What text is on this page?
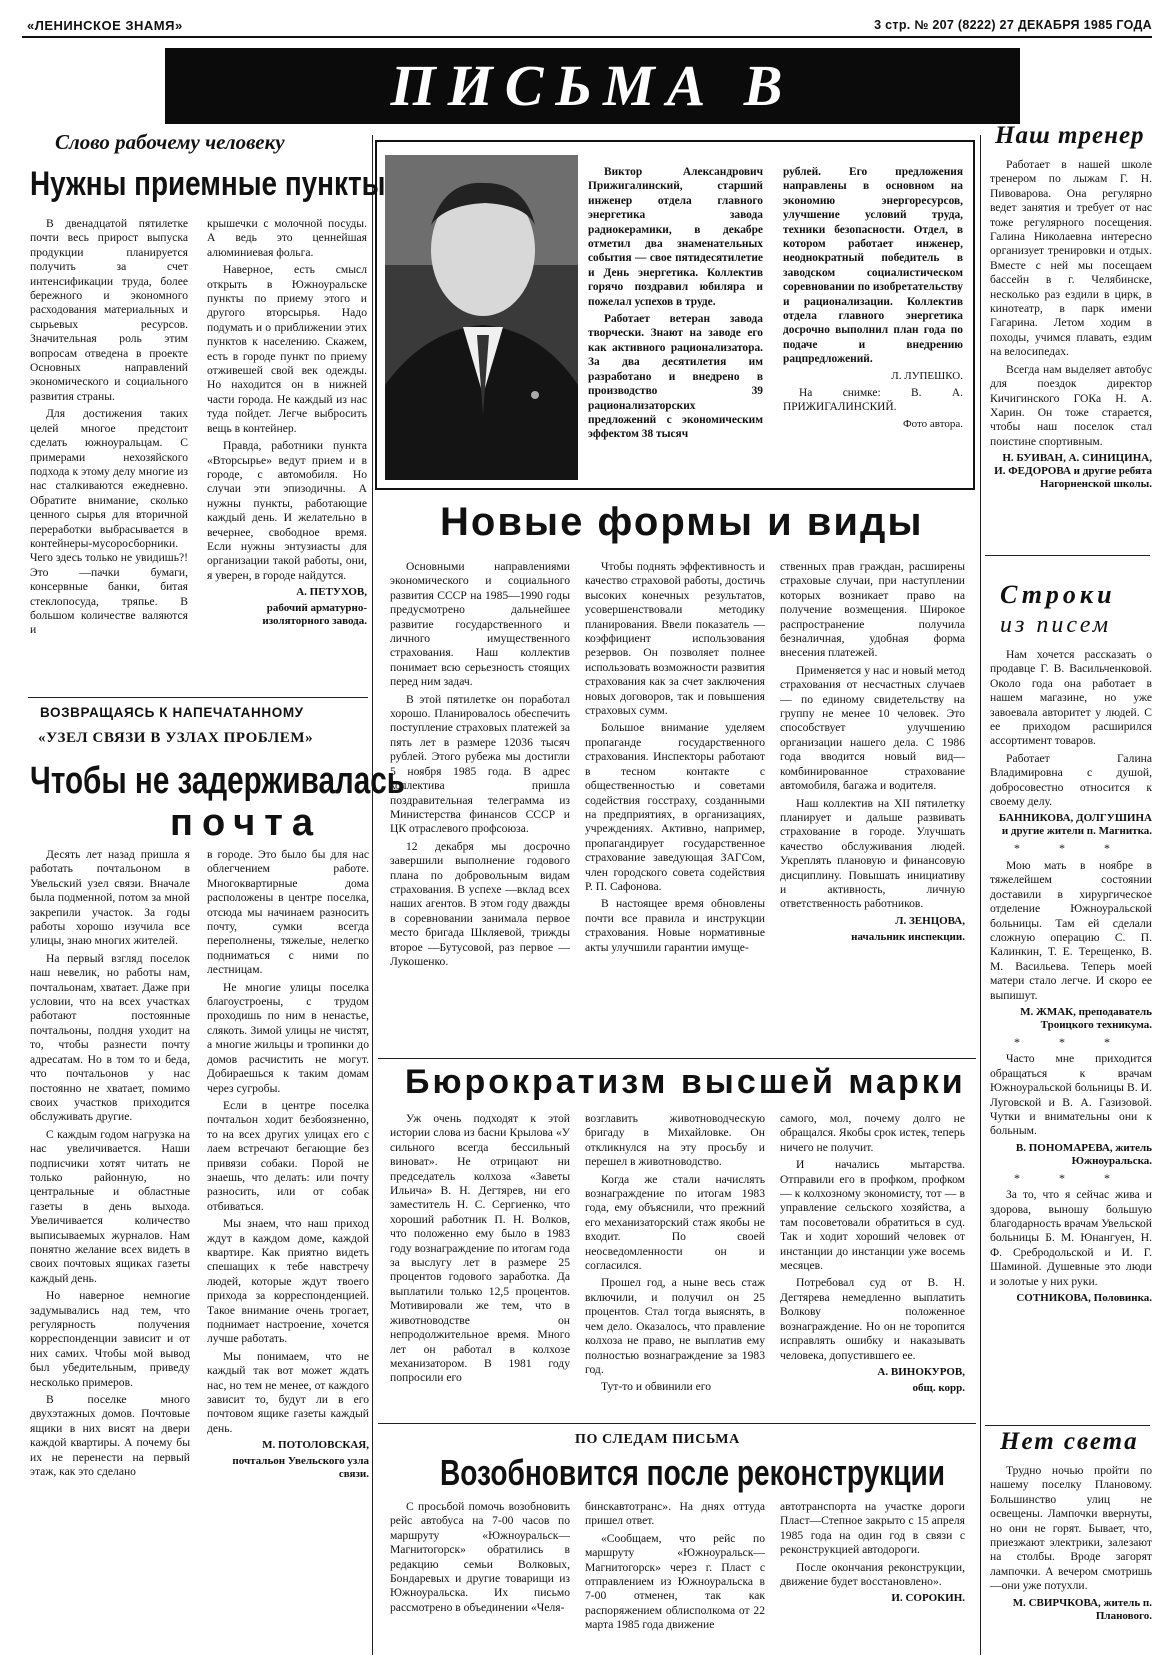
«ЛЕНИНСКОЕ ЗНАМЯ»	3 стр. № 207 (8222) 27 ДЕКАБРЯ 1985 ГОДА
ПИСЬМА В
Слово рабочему человеку
Нужны приемные пункты

В двенадцатой пятилетке почти весь прирост выпуска продукции планируется получить за счет интенсификации труда, более бережного и экономного расходования материальных и сырьевых ресурсов. Значительная роль этим вопросам отведена в проекте Основных направлений экономического и социального развития страны.

Для достижения таких целей многое предстоит сделать южноуральцам. С примерами нехозяйского подхода к этому делу многие из нас сталкиваются ежедневно. Обратите внимание, сколько ценного сырья для вторичной переработки выбрасывается в контейнеры-мусоросборники. Чего здесь только не увидишь?! Это —пачки бумаги, консервные банки, битая стеклопосуда, тряпье. В большом количестве валяются и

крышечки с молочной посуды. А ведь это ценнейшая алюминиевая фольга.

Наверное, есть смысл открыть в Южноуральске пункты по приему этого и другого вторсырья. Надо подумать и о приближении этих пунктов к населению. Скажем, есть в городе пункт по приему отживешей свой век одежды. Но находится он в нижней части города. Не каждый из нас туда пойдет. Легче выбросить вещь в контейнер.

Правда, работники пункта «Вторсырье» ведут прием и в городе, с автомобиля. Но случаи эти эпизодичны. А нужны пункты, работающие каждый день. И желательно в вечернее, свободное время. Если нужны энтузиасты для организации такой работы, они, я уверен, в городе найдутся.

А. ПЕТУХОВ,

рабочий арматурно-изоляторного завода.

ВОЗВРАЩАЯСЬ К НАПЕЧАТАННОМУ
«УЗЕЛ СВЯЗИ В УЗЛАХ ПРОБЛЕМ»
Чтобы не задерживалась
почта

Десять лет назад пришла я работать почтальоном в Увельский узел связи. Вначале была подменной, потом за мной закрепили участок. За годы работы хорошо изучила все улицы, знаю многих жителей.

На первый взгляд поселок наш невелик, но работы нам, почтальонам, хватает. Даже при условии, что на всех участках работают постоянные почтальоны, полдня уходит на то, чтобы разнести почту адресатам. Но в том то и беда, что почтальонов у нас постоянно не хватает, помимо своих участков приходится обслуживать другие.

С каждым годом нагрузка на нас увеличивается. Наши подписчики хотят читать не только районную, но центральные и областные газеты в день выхода. Увеличивается количество выписываемых журналов. Нам понятно желание всех видеть в своих почтовых ящиках газеты каждый день.

Но наверное немногие задумывались над тем, что регулярность получения корреспонденции зависит и от них самих. Чтобы мой вывод был убедительным, приведу несколько примеров.

В поселке много двухэтажных домов. Почтовые ящики в них висят на двери каждой квартиры. А почему бы их не перенести на первый этаж, как это сделано

в городе. Это было бы для нас облегчением работе. Многоквартирные дома расположены в центре поселка, отсюда мы начинаем разносить почту, сумки всегда переполнены, тяжелые, нелегко подниматься с ними по лестницам.

Не многие улицы поселка благоустроены, с трудом проходишь по ним в ненастье, слякоть. Зимой улицы не чистят, а многие жильцы и тропинки до домов расчистить не могут. Добираешься к таким домам через сугробы.

Если в центре поселка почтальон ходит безбоязненно, то на всех других улицах его с лаем встречают бегающие без привязи собаки. Порой не знаешь, что делать: или почту разносить, или от собак отбиваться.

Мы знаем, что наш приход ждут в каждом доме, каждой квартире. Как приятно видеть спешащих к тебе навстречу людей, которые ждут твоего прихода за корреспонденцией. Такое внимание очень трогает, поднимает настроение, хочется лучше работать.

Мы понимаем, что не каждый так вот может ждать нас, но тем не менее, от каждого зависит то, будут ли в его почтовом ящике газеты каждый день.

М. ПОТОЛОВСКАЯ,

почтальон Увельского узла связи.

Виктор Александрович Прижигалинский, старший инженер отдела главного энергетика завода радиокерамики, в декабре отметил два знаменательных события — свое пятидесятилетие и День энергетика. Коллектив горячо поздравил юбиляра и пожелал успехов в труде.

Работает ветеран завода творчески. Знают на заводе его как активного рационализатора. За два десятилетия им разработано и внедрено в производство 39 рационализаторских предложений с экономическим эффектом 38 тысяч

рублей. Его предложения направлены в основном на экономию энергоресурсов, улучшение условий труда, техники безопасности. Отдел, в котором работает инженер, неоднократный победитель в заводском социалистическом соревновании по изобретательству и рационализации. Коллектив отдела главного энергетика досрочно выполнил план года по подаче и внедрению рацпредложений.

Л. ЛУПЕШКО.

На снимке: В. А. ПРИЖИГАЛИНСКИЙ.

Фото автора.

Новые формы и виды

Основными направлениями экономического и социального развития СССР на 1985—1990 годы предусмотрено дальнейшее развитие государственного и личного имущественного страхования. Наш коллектив понимает всю серьезность стоящих перед ним задач.

В этой пятилетке он поработал хорошо. Планировалось обеспечить поступление страховых платежей за пять лет в размере 12036 тысяч рублей. Этого рубежа мы достигли 5 ноября 1985 года. В адрес коллектива пришла поздравительная телеграмма из Министерства финансов СССР и ЦК отраслевого профсоюза.

12 декабря мы досрочно завершили выполнение годового плана по добровольным видам страхования. В успехе —вклад всех наших агентов. В этом году дважды в соревновании занимала первое место бригада Шкляевой, трижды второе —Бутусовой, раз первое — Лукошенко.

Чтобы поднять эффективность и качество страховой работы, достичь высоких конечных результатов, усовершенствовали методику планирования. Ввели показатель —коэффициент использования резервов. Он позволяет полнее использовать возможности развития страхования как за счет заключения новых договоров, так и повышения страховых сумм.

Большое внимание уделяем пропаганде государственного страхования. Инспекторы работают в тесном контакте с общественностью и советами содействия госстраху, созданными на предприятиях, в организациях, учреждениях. Активно, например, пропагандирует государственное страхование заведующая ЗАГСом, член городского совета содействия Р. П. Сафонова.

В настоящее время обновлены почти все правила и инструкции страхования. Новые нормативные акты улучшили гарантии имуще-

ственных прав граждан, расширены страховые случаи, при наступлении которых возникает право на получение возмещения. Широкое распространение получила безналичная, удобная форма внесения платежей.

Применяется у нас и новый метод страхования от несчастных случаев — по единому свидетельству на группу не менее 10 человек. Это способствует улучшению организации нашего дела. С 1986 года вводится новый вид—комбинированное страхование автомобиля, багажа и водителя.

Наш коллектив на XII пятилетку планирует и дальше развивать страхование в городе. Улучшать качество обслуживания людей. Укреплять плановую и финансовую дисциплину. Повышать инициативу и активность, личную ответственность работников.

Л. ЗЕНЦОВА,

начальник инспекции.

Бюрократизм высшей марки

Уж очень подходят к этой истории слова из басни Крылова «У сильного всегда бессильный виноват». Не отрицают ни председатель колхоза «Заветы Ильича» В. Н. Дегтярев, ни его заместитель Н. С. Сергиенко, что хороший работник П. Н. Волков, что положенно ему было в 1983 году вознаграждение по итогам года за выслугу лет в размере 25 процентов годового заработка. Да выплатили только 12,5 процентов. Мотивировали же тем, что в животноводстве он непродолжительное время. Много лет он работал в колхозе механизатором. В 1981 году попросили его

возглавить животноводческую бригаду в Михайловке. Он откликнулся на эту просьбу и перешел в животноводство.

Когда же стали начислять вознаграждение по итогам 1983 года, ему объяснили, что прежний его механизаторский стаж якобы не входит. По своей неосведомленности он и согласился.

Прошел год, а ныне весь стаж включили, и получил он 25 процентов. Стал тогда выяснять, в чем дело. Оказалось, что правление колхоза не право, не выплатив ему полностью вознаграждение за 1983 год.

Тут-то и обвинили его

самого, мол, почему долго не обращался. Якобы срок истек, теперь ничего не получит.

И начались мытарства. Отправили его в профком, профком— к колхозному экономисту, тот — в управление сельского хозяйства, а там посоветовали обратиться в суд. Так и ходит хороший человек от инстанции до инстанции уже восемь месяцев.

Потребовал суд от В. Н. Дегтярева немедленно выплатить Волкову положенное вознаграждение. Но он не торопится исправлять ошибку и наказывать человека, допустившего ее.

А. ВИНОКУРОВ,

общ. корр.

ПО СЛЕДАМ ПИСЬМА
Возобновится после реконструкции

С просьбой помочь возобновить рейс автобуса на 7-00 часов по маршруту «Южноуральск— Магнитогорск» обратились в редакцию семьи Волковых, Бондаревых и другие товарищи из Южноуральска. Их письмо рассмотрено в объединении «Челя-

бинскавтотранс». На днях оттуда пришел ответ.

«Сообщаем, что рейс по маршруту «Южноуральск— Магнитогорск» через г. Пласт с отправлением из Южноуральска в 7-00 отменен, так как распоряжением облисполкома от 22 марта 1985 года движение

автотранспорта на участке дороги Пласт—Степное закрыто с 15 апреля 1985 года на один год в связи с реконструкцией автодороги.

После окончания реконструкции, движение будет восстановлено».

И. СОРОКИН.

Наш тренер

Работает в нашей школе тренером по лыжам Г. Н. Пивоварова. Она регулярно ведет занятия и требует от нас тоже регулярного посещения. Галина Николаевна интересно организует тренировки и отдых. Вместе с ней мы посещаем бассейн в г. Челябинске, несколько раз ездили в цирк, в кинотеатр, в парк имени Гагарина. Летом ходим в походы, учимся плавать, ездим на велосипедах.

Всегда нам выделяет автобус для поездок директор Кичигинского ГОКа Н. А. Харин. Он тоже старается, чтобы наш поселок стал поистине спортивным.

Н. БУИВАН, А. СИНИЦИНА, И. ФЕДОРОВА и другие ребята Нагорненской школы.

Строки
из писем

Нам хочется рассказать о продавце Г. В. Васильченковой. Около года она работает в нашем магазине, но уже завоевала авторитет у людей. С ее приходом расширился ассортимент товаров.

Работает Галина Владимировна с душой, добросовестно относится к своему делу.

БАННИКОВА, ДОЛГУШИНА и другие жители п. Магнитка.

* * *

Мою мать в ноябре в тяжелейшем состоянии доставили в хирургическое отделение Южноуральской больницы. Там ей сделали сложную операцию С. П. Калинкин, Т. Е. Терещенко, В. М. Васильева. Теперь моей матери стало легче. И скоро ее выпишут.

М. ЖМАК, преподаватель Троицкого техникума.

* * *

Часто мне приходится обращаться к врачам Южноуральской больницы В. И. Луговской и В. А. Газизовой. Чутки и внимательны они к больным.

В. ПОНОМАРЕВА, житель Южноуральска.

* * *

За то, что я сейчас жива и здорова, выношу большую благодарность врачам Увельской больницы Б. М. Юнангуен, Н. Ф. Сребродольской и И. Г. Шаминой. Душевные это люди и золотые у них руки.

СОТНИКОВА, Половинка.

Нет света

Трудно ночью пройти по нашему поселку Плановому. Большинство улиц не освещены. Лампочки ввернуты, но они не горят. Бывает, что, приезжают электрики, залезают на столбы. Вроде загорят лампочки. А вечером смотришь—они уже потухли.

М. СВИРЧКОВА, житель п. Планового.
